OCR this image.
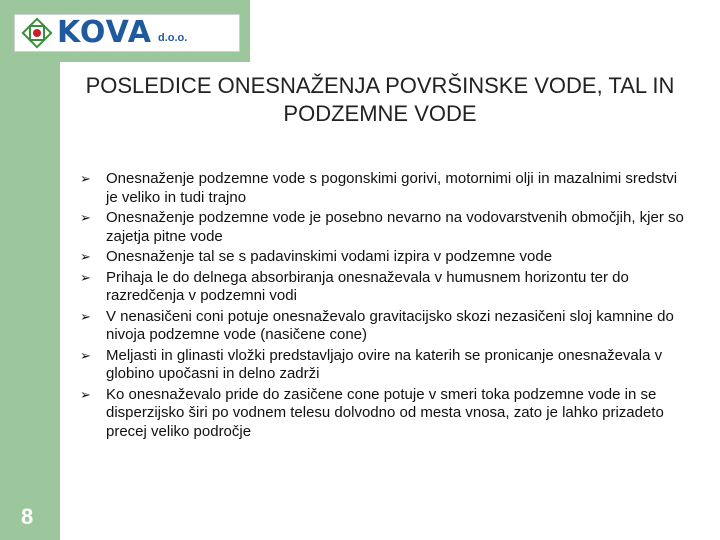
KOVA d.o.o.
POSLEDICE ONESNAŽENJA POVRŠINSKE VODE, TAL IN PODZEMNE VODE
➢ Onesnaženje podzemne vode s pogonskimi gorivi, motornimi olji in mazalnimi sredstvi je veliko in tudi trajno
➢ Onesnaženje podzemne vode je posebno nevarno na vodovarstvenih območjih, kjer so zajetja pitne vode
➢ Onesnaženje tal se s padavinskimi vodami izpira v podzemne vode
➢ Prihaja le do delnega absorbiranja onesnaževala v humusnem horizontu ter do razredčenja v podzemni vodi
➢ V nenasičeni coni potuje onesnaževalo gravitacijsko skozi nezasičeni sloj kamnine do nivoja podzemne vode (nasičene cone)
➢ Meljasti in glinasti vložki predstavljajo ovire na katerih se pronicanje onesnaževala v globino upočasni in delno zadrži
➢ Ko onesnaževalo pride do zasičene cone potuje v smeri toka podzemne vode in se disperzijsko širi po vodnem telesu dolvodno od mesta vnosa, zato je lahko prizadeto precej veliko področje
8
